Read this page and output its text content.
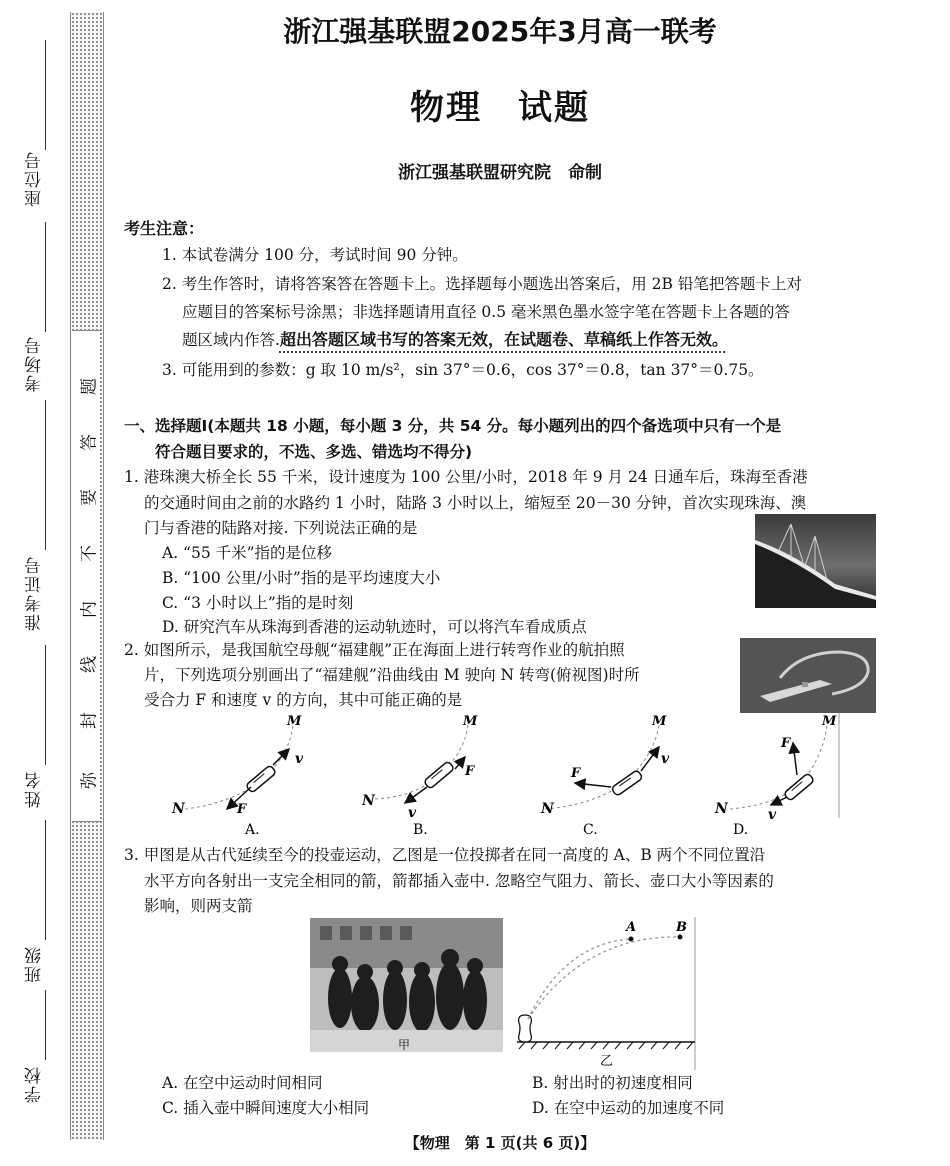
座位号
考场号
准考证号
姓名
班级
学校
弥
封
线
内
不
要
答
题
浙江强基联盟2025年3月高一联考
物理　试题
浙江强基联盟研究院　命制
考生注意：
1. 本试卷满分 100 分，考试时间 90 分钟。
2. 考生作答时，请将答案答在答题卡上。选择题每小题选出答案后，用 2B 铅笔把答题卡上对
应题目的答案标号涂黑；非选择题请用直径 0.5 毫米黑色墨水签字笔在答题卡上各题的答
题区域内作答.超出答题区域书写的答案无效，在试题卷、草稿纸上作答无效。
3. 可能用到的参数：g 取 10 m/s²，sin 37°＝0.6，cos 37°＝0.8，tan 37°＝0.75。
一、选择题Ⅰ(本题共 18 小题，每小题 3 分，共 54 分。每小题列出的四个备选项中只有一个是
符合题目要求的，不选、多选、错选均不得分)
1. 港珠澳大桥全长 55 千米，设计速度为 100 公里/小时，2018 年 9 月 24 日通车后，珠海至香港
的交通时间由之前的水路约 1 小时，陆路 3 小时以上，缩短至 20－30 分钟，首次实现珠海、澳
门与香港的陆路对接. 下列说法正确的是
A. “55 千米”指的是位移
B. “100 公里/小时”指的是平均速度大小
C. “3 小时以上”指的是时刻
D. 研究汽车从珠海到香港的运动轨迹时，可以将汽车看成质点
2. 如图所示，是我国航空母舰“福建舰”正在海面上进行转弯作业的航拍照
片，下列选项分别画出了“福建舰”沿曲线由 M 驶向 N 转弯(俯视图)时所
受合力 F 和速度 v 的方向，其中可能正确的是
N
M
v
F
A.
N
M
F
v
B.
N
M
F
v
C.
N
M
F
v
D.
3. 甲图是从古代延续至今的投壶运动，乙图是一位投掷者在同一高度的 A、B 两个不同位置沿
水平方向各射出一支完全相同的箭，箭都插入壶中. 忽略空气阻力、箭长、壶口大小等因素的
影响，则两支箭
甲
A	B
乙
A. 在空中运动时间相同	B. 射出时的初速度相同
C. 插入壶中瞬间速度大小相同	D. 在空中运动的加速度不同
【物理　第 1 页(共 6 页)】
